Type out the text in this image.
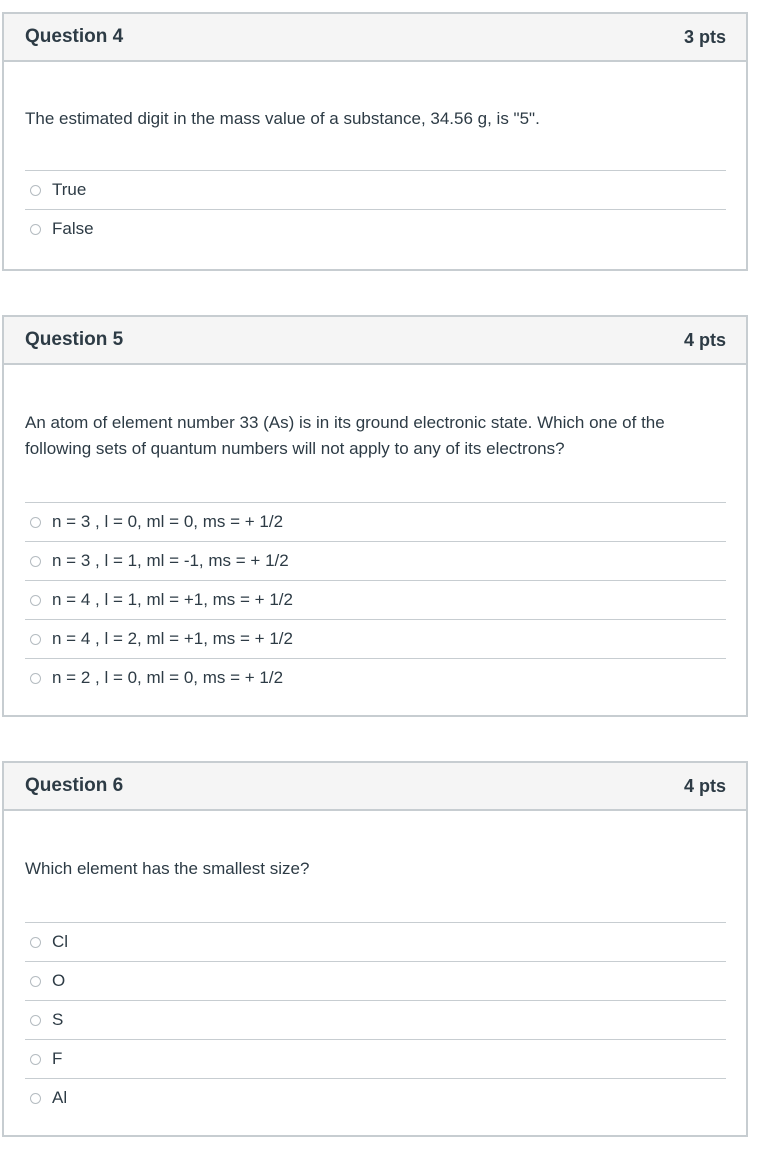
Question 4	3 pts
The estimated digit in the mass value of a substance, 34.56 g, is "5".
True
False
Question 5	4 pts
An atom of element number 33 (As) is in its ground electronic state. Which one of the following sets of quantum numbers will not apply to any of its electrons?
n = 3 , l = 0, ml = 0, ms = + 1/2
n = 3 , l = 1, ml = -1, ms = + 1/2
n = 4 , l = 1, ml = +1, ms = + 1/2
n = 4 , l = 2, ml = +1, ms = + 1/2
n = 2 , l = 0, ml = 0, ms = + 1/2
Question 6	4 pts
Which element has the smallest size?
Cl
O
S
F
Al
